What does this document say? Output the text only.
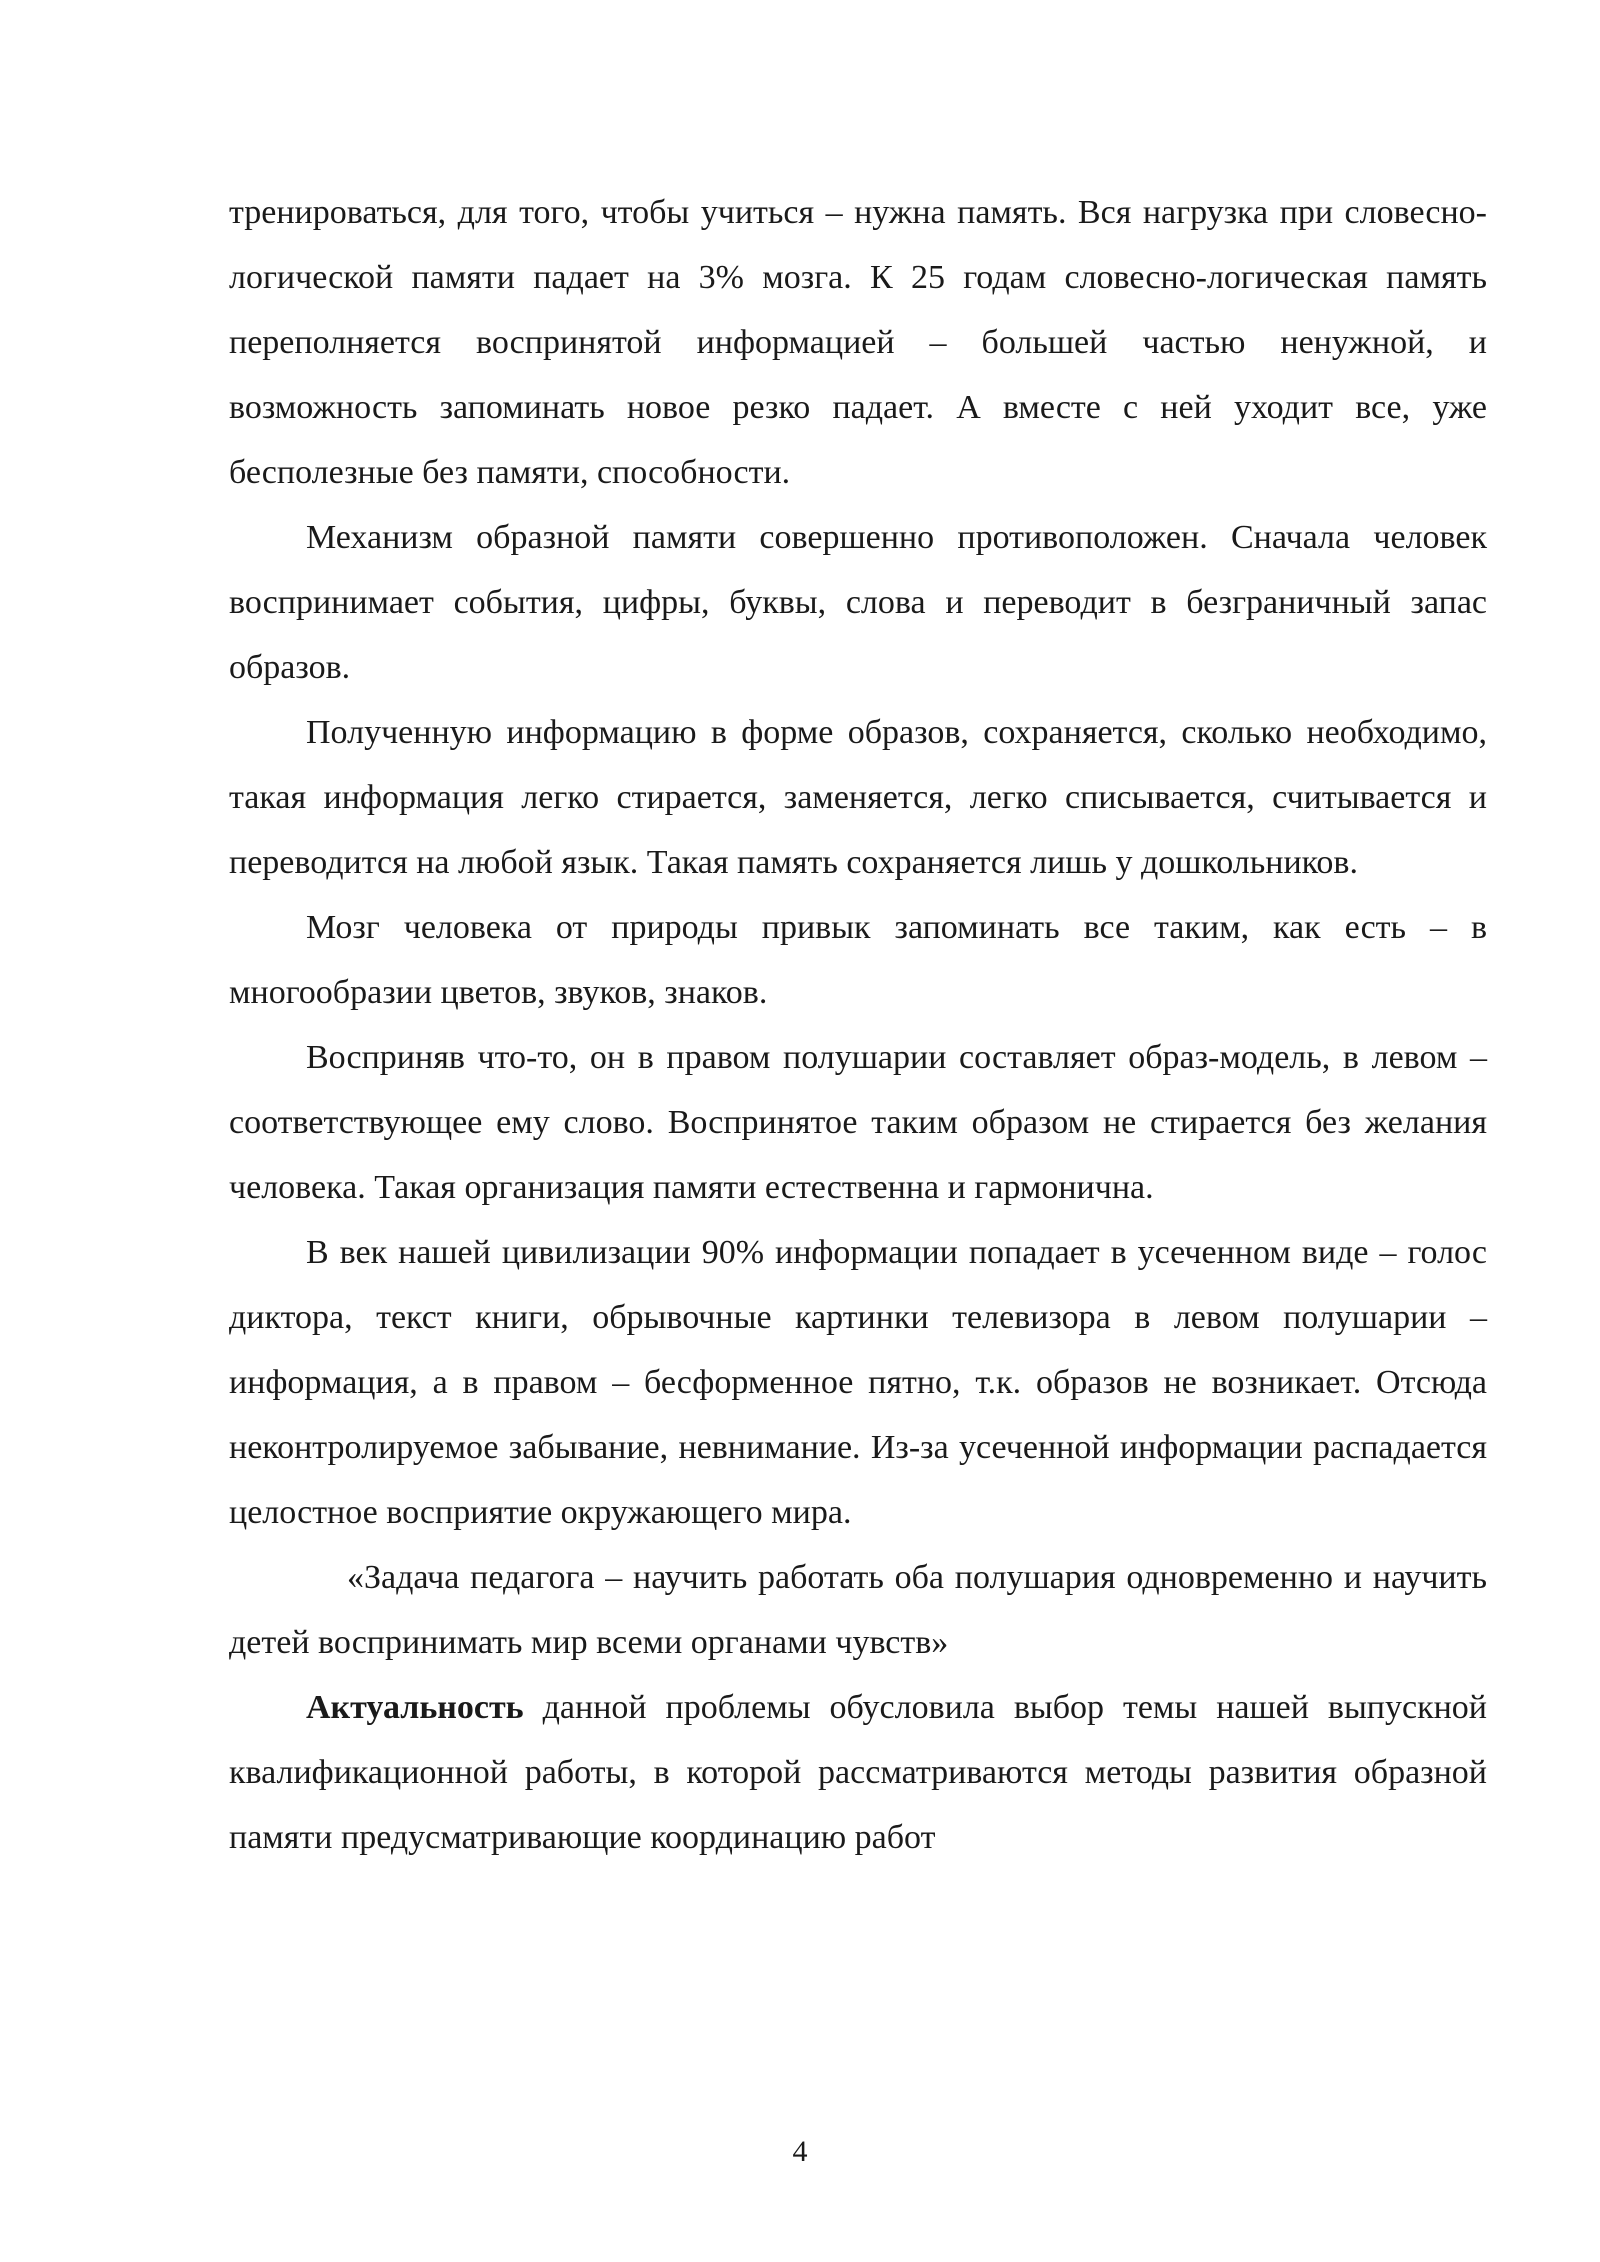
тренироваться, для того, чтобы учиться – нужна память. Вся нагрузка при словесно-логической памяти падает на 3% мозга. К 25 годам словесно-логическая память переполняется воспринятой информацией – большей частью ненужной, и возможность запоминать новое резко падает. А вместе с ней уходит все, уже бесполезные без памяти, способности.

Механизм образной памяти совершенно противоположен. Сначала человек воспринимает события, цифры, буквы, слова и переводит в безграничный запас образов.

Полученную информацию в форме образов, сохраняется, сколько необходимо, такая информация легко стирается, заменяется, легко списывается, считывается и переводится на любой язык. Такая память сохраняется лишь у дошкольников.

Мозг человека от природы привык запоминать все таким, как есть – в многообразии цветов, звуков, знаков.

Восприняв что-то, он в правом полушарии составляет образ-модель, в левом – соответствующее ему слово. Воспринятое таким образом не стирается без желания человека. Такая организация памяти естественна и гармонична.

В век нашей цивилизации 90% информации попадает в усеченном виде – голос диктора, текст книги, обрывочные картинки телевизора в левом полушарии – информация, а в правом – бесформенное пятно, т.к. образов не возникает. Отсюда неконтролируемое забывание, невнимание. Из-за усеченной информации распадается целостное восприятие окружающего мира.

«Задача педагога – научить работать оба полушария одновременно и научить детей воспринимать мир всеми органами чувств»

Актуальность данной проблемы обусловила выбор темы нашей выпускной квалификационной работы, в которой рассматриваются методы развития образной памяти предусматривающие координацию работ

4
